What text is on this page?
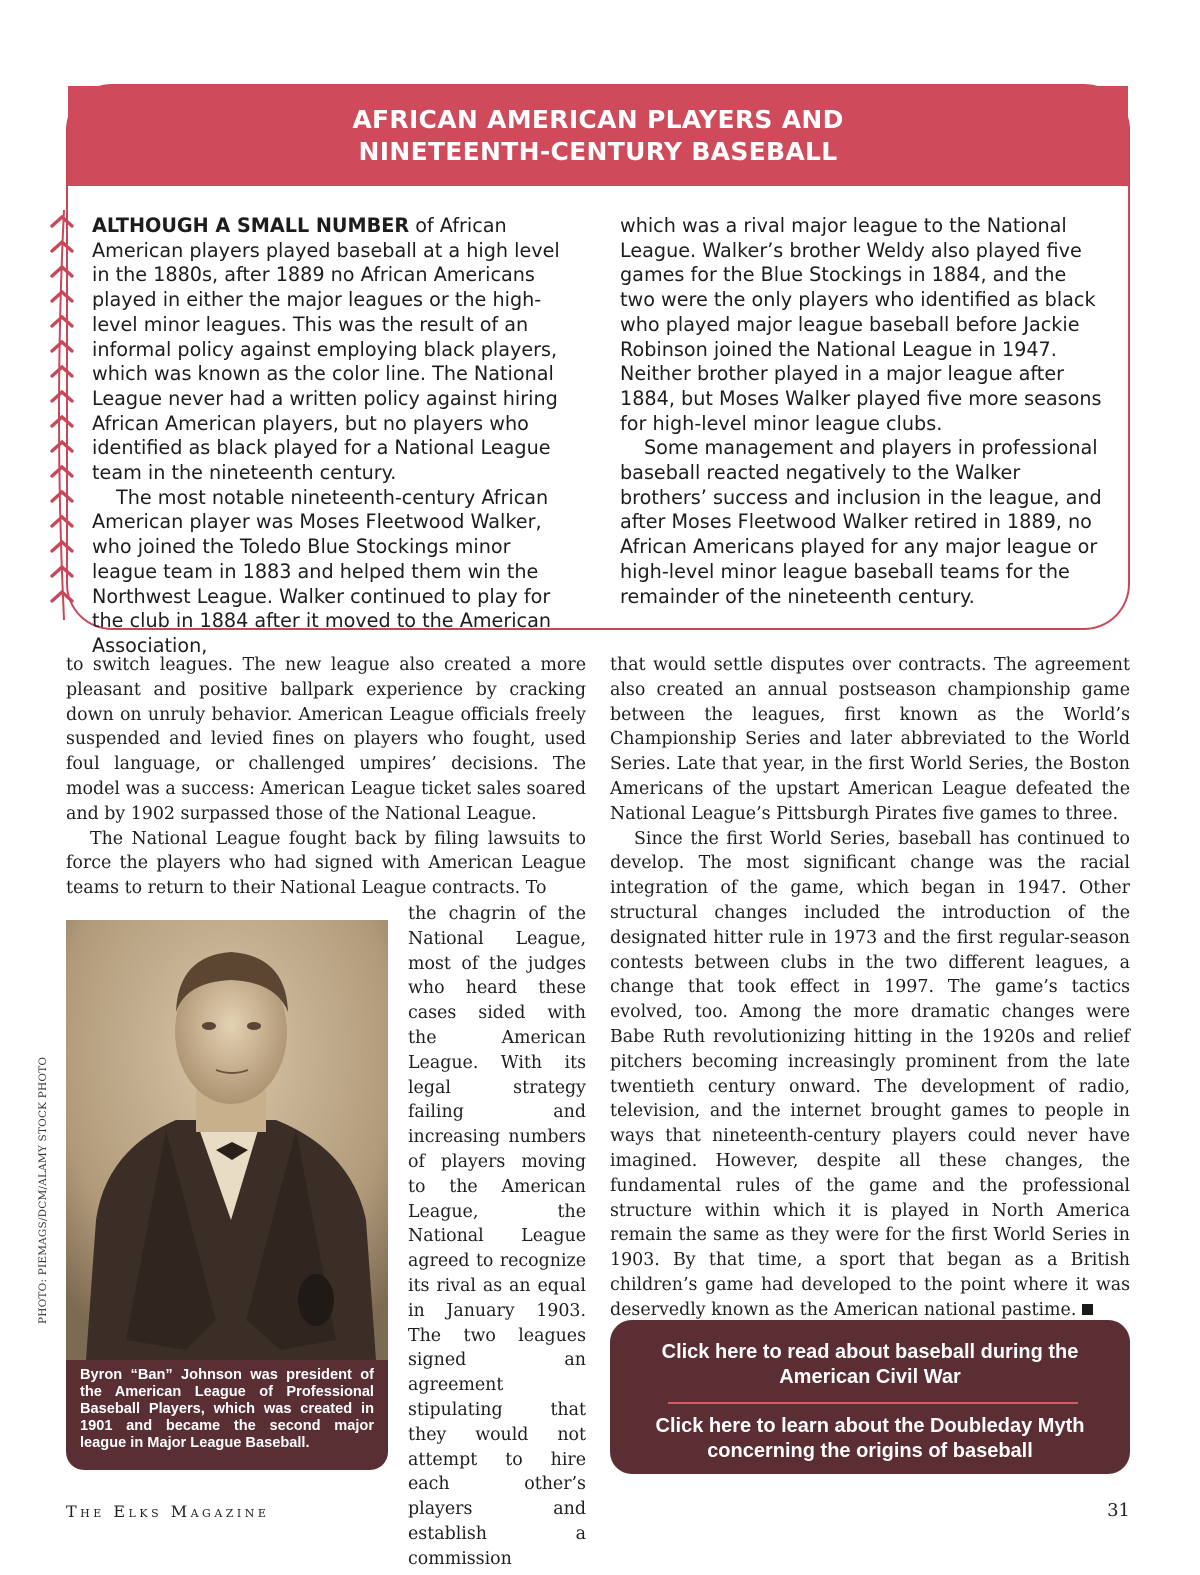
AFRICAN AMERICAN PLAYERS AND
NINETEENTH-CENTURY BASEBALL

ALTHOUGH A SMALL NUMBER of African American players played baseball at a high level in the 1880s, after 1889 no African Americans played in either the major leagues or the high-level minor leagues. This was the result of an informal policy against employing black players, which was known as the color line. The National League never had a written policy against hiring African American players, but no players who identified as black played for a National League team in the nineteenth century.

The most notable nineteenth-century African American player was Moses Fleetwood Walker, who joined the Toledo Blue Stockings minor league team in 1883 and helped them win the Northwest League. Walker continued to play for the club in 1884 after it moved to the American Association,

which was a rival major league to the National League. Walker’s brother Weldy also played five games for the Blue Stockings in 1884, and the two were the only players who identified as black who played major league baseball before Jackie Robinson joined the National League in 1947. Neither brother played in a major league after 1884, but Moses Walker played five more seasons for high-level minor league clubs.

Some management and players in professional baseball reacted negatively to the Walker brothers’ success and inclusion in the league, and after Moses Fleetwood Walker retired in 1889, no African Americans played for any major league or high-level minor league baseball teams for the remainder of the nineteenth century.

to switch leagues. The new league also created a more pleasant and positive ballpark experience by cracking down on unruly behavior. American League officials freely suspended and levied fines on players who fought, used foul language, or challenged umpires’ decisions. The model was a success: American League ticket sales soared and by 1902 surpassed those of the National League.

The National League fought back by filing lawsuits to force the players who had signed with American League teams to return to their National League contracts. To

the chagrin of the National League, most of the judges who heard these cases sided with the American League. With its legal strategy failing and increasing numbers of players moving to the American League, the National League agreed to recognize its rival as an equal in January 1903. The two leagues signed an agreement stipulating that they would not attempt to hire each other’s players and establish a commission

that would settle disputes over contracts. The agreement also created an annual postseason championship game between the leagues, first known as the World’s Championship Series and later abbreviated to the World Series. Late that year, in the first World Series, the Boston Americans of the upstart American League defeated the National League’s Pittsburgh Pirates five games to three.

Since the first World Series, baseball has continued to develop. The most significant change was the racial integration of the game, which began in 1947. Other structural changes included the introduction of the designated hitter rule in 1973 and the first regular-season contests between clubs in the two different leagues, a change that took effect in 1997. The game’s tactics evolved, too. Among the more dramatic changes were Babe Ruth revolutionizing hitting in the 1920s and relief pitchers becoming increasingly prominent from the late twentieth century onward. The development of radio, television, and the internet brought games to people in ways that nineteenth-century players could never have imagined. However, despite all these changes, the fundamental rules of the game and the professional structure within which it is played in North America remain the same as they were for the first World Series in 1903. By that time, a sport that began as a British children’s game had developed to the point where it was deservedly known as the American national pastime.

Byron “Ban” Johnson was president of the American League of Professional Baseball Players, which was created in 1901 and became the second major league in Major League Baseball.
PHOTO: PIEMAGS/DCM/ALAMY STOCK PHOTO
Click here to read about baseball during the American Civil War
Click here to learn about the Doubleday Myth concerning the origins of baseball
The Elks Magazine	31
